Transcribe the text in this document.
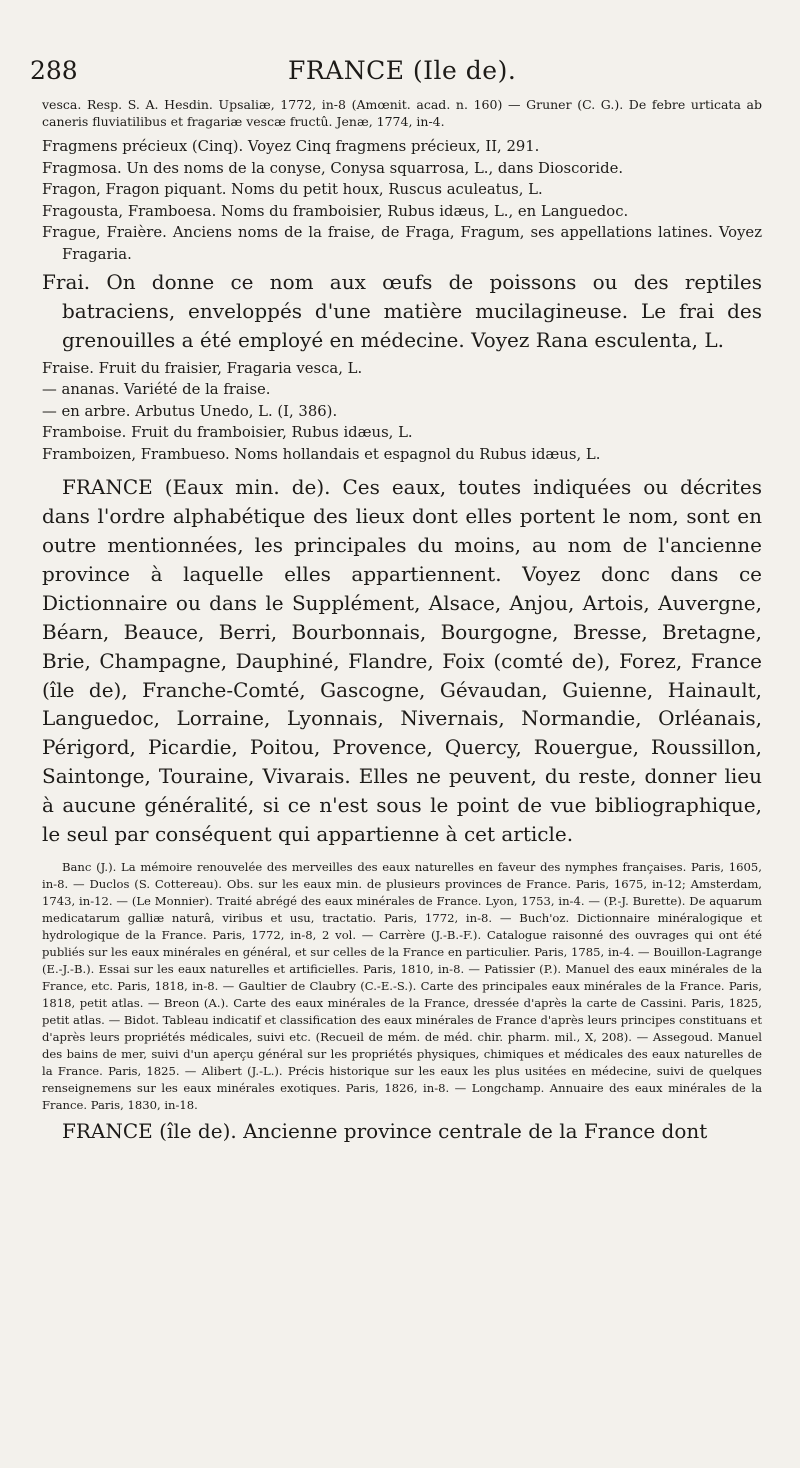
288	FRANCE (Ile de).

vesca. Resp. S. A. Hesdin. Upsaliæ, 1772, in-8 (Amœnit. acad. n. 160) — Gruner (C. G.). De febre urticata ab caneris fluviatilibus et fragariæ vescæ fructû. Jenæ, 1774, in-4.

Fragmens précieux (Cinq). Voyez Cinq fragmens précieux, II, 291.

Fragmosa. Un des noms de la conyse, Conysa squarrosa, L., dans Dioscoride.

Fragon, Fragon piquant. Noms du petit houx, Ruscus aculeatus, L.

Fragousta, Framboesa. Noms du framboisier, Rubus idæus, L., en Languedoc.

Frague, Fraière. Anciens noms de la fraise, de Fraga, Fragum, ses appellations latines. Voyez Fragaria.

Frai. On donne ce nom aux œufs de poissons ou des reptiles batraciens, enveloppés d'une matière mucilagineuse. Le frai des grenouilles a été employé en médecine. Voyez Rana esculenta, L.

Fraise. Fruit du fraisier, Fragaria vesca, L.

— ananas. Variété de la fraise.

— en arbre. Arbutus Unedo, L. (I, 386).

Framboise. Fruit du framboisier, Rubus idæus, L.

Framboizen, Frambueso. Noms hollandais et espagnol du Rubus idæus, L.

FRANCE (Eaux min. de). Ces eaux, toutes indiquées ou décrites dans l'ordre alphabétique des lieux dont elles portent le nom, sont en outre mentionnées, les principales du moins, au nom de l'ancienne province à laquelle elles appartiennent. Voyez donc dans ce Dictionnaire ou dans le Supplément, Alsace, Anjou, Artois, Auvergne, Béarn, Beauce, Berri, Bourbonnais, Bourgogne, Bresse, Bretagne, Brie, Champagne, Dauphiné, Flandre, Foix (comté de), Forez, France (île de), Franche-Comté, Gascogne, Gévaudan, Guienne, Hainault, Languedoc, Lorraine, Lyonnais, Nivernais, Normandie, Orléanais, Périgord, Picardie, Poitou, Provence, Quercy, Rouergue, Roussillon, Saintonge, Touraine, Vivarais. Elles ne peuvent, du reste, donner lieu à aucune généralité, si ce n'est sous le point de vue bibliographique, le seul par conséquent qui appartienne à cet article.

Banc (J.). La mémoire renouvelée des merveilles des eaux naturelles en faveur des nymphes françaises. Paris, 1605, in-8. — Duclos (S. Cottereau). Obs. sur les eaux min. de plusieurs provinces de France. Paris, 1675, in-12; Amsterdam, 1743, in-12. — (Le Monnier). Traité abrégé des eaux minérales de France. Lyon, 1753, in-4. — (P.-J. Burette). De aquarum medicatarum galliæ naturâ, viribus et usu, tractatio. Paris, 1772, in-8. — Buch'oz. Dictionnaire minéralogique et hydrologique de la France. Paris, 1772, in-8, 2 vol. — Carrère (J.-B.-F.). Catalogue raisonné des ouvrages qui ont été publiés sur les eaux minérales en général, et sur celles de la France en particulier. Paris, 1785, in-4. — Bouillon-Lagrange (E.-J.-B.). Essai sur les eaux naturelles et artificielles. Paris, 1810, in-8. — Patissier (P.). Manuel des eaux minérales de la France, etc. Paris, 1818, in-8. — Gaultier de Claubry (C.-E.-S.). Carte des principales eaux minérales de la France. Paris, 1818, petit atlas. — Breon (A.). Carte des eaux minérales de la France, dressée d'après la carte de Cassini. Paris, 1825, petit atlas. — Bidot. Tableau indicatif et classification des eaux minérales de France d'après leurs principes constituans et d'après leurs propriétés médicales, suivi etc. (Recueil de mém. de méd. chir. pharm. mil., X, 208). — Assegoud. Manuel des bains de mer, suivi d'un aperçu général sur les propriétés physiques, chimiques et médicales des eaux naturelles de la France. Paris, 1825. — Alibert (J.-L.). Précis historique sur les eaux les plus usitées en médecine, suivi de quelques renseignemens sur les eaux minérales exotiques. Paris, 1826, in-8. — Longchamp. Annuaire des eaux minérales de la France. Paris, 1830, in-18.

FRANCE (île de). Ancienne province centrale de la France dont
